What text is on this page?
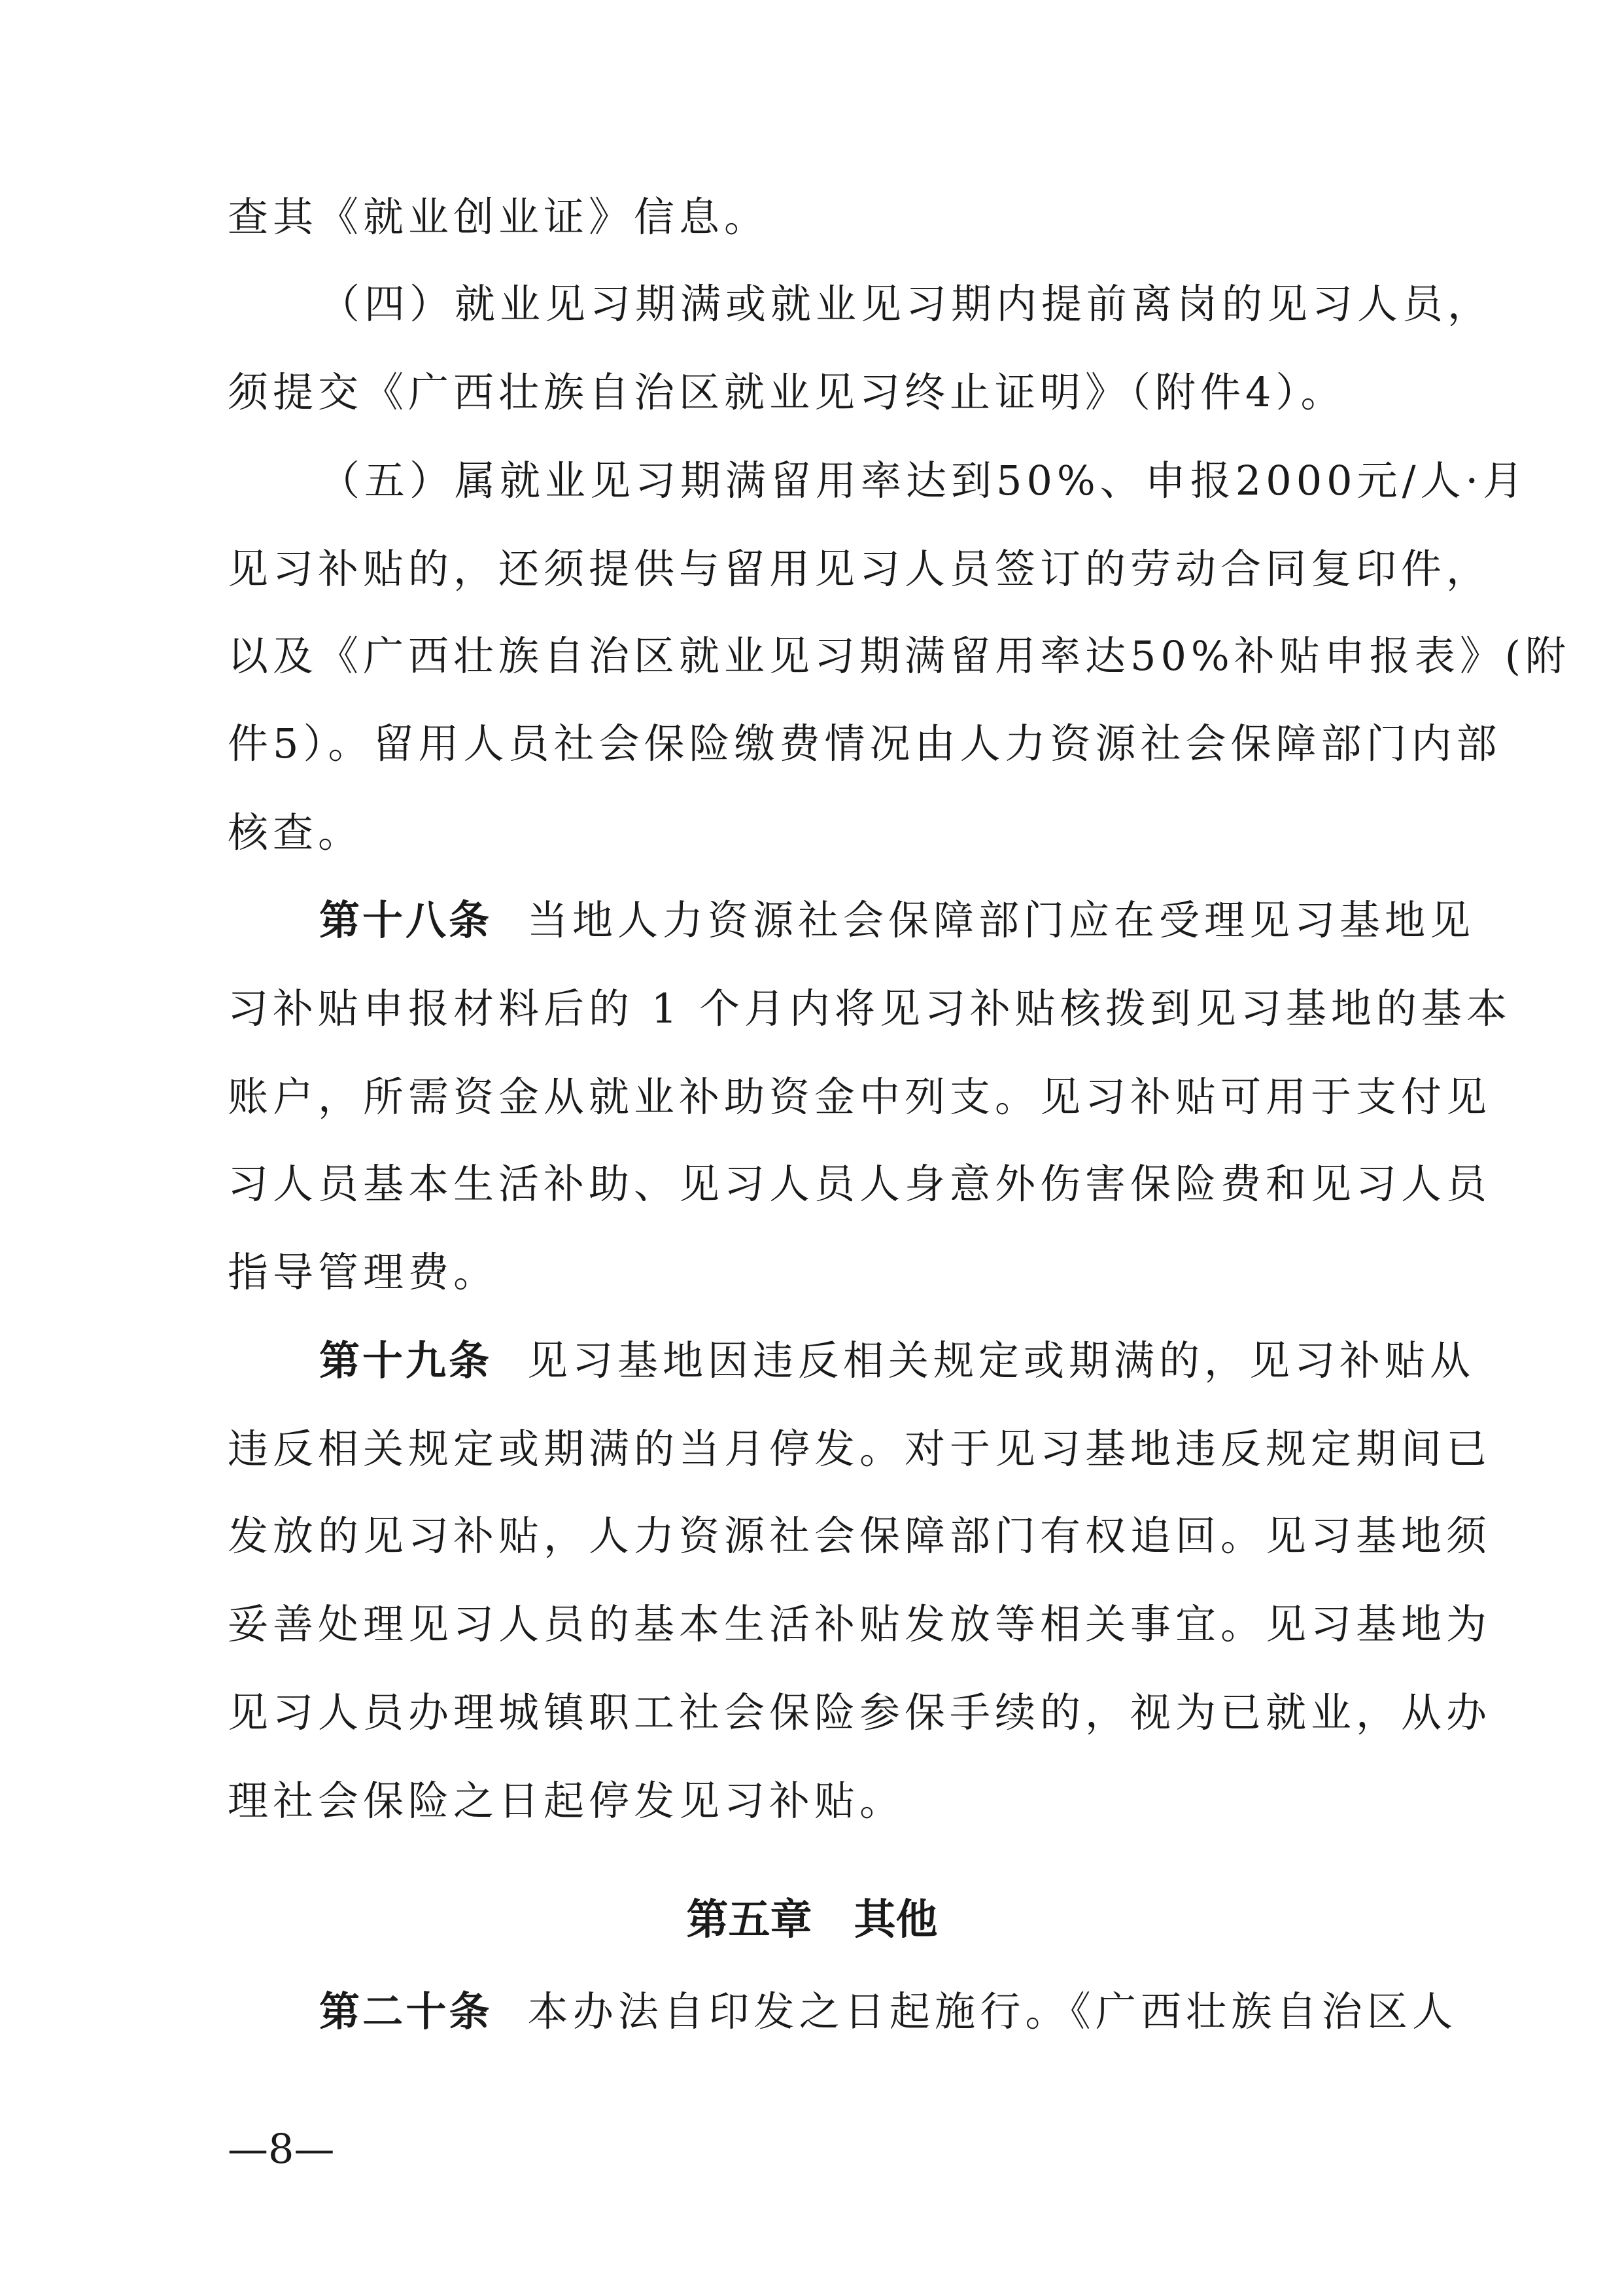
查其《就业创业证》信息。
（四）就业见习期满或就业见习期内提前离岗的见习人员，
须提交《广西壮族自治区就业见习终止证明》（附件4）。
（五）属就业见习期满留用率达到50%、申报2000元/人·月
见习补贴的，还须提供与留用见习人员签订的劳动合同复印件，
以及《广西壮族自治区就业见习期满留用率达50%补贴申报表》(附
件5）。留用人员社会保险缴费情况由人力资源社会保障部门内部
核查。
第十八条 当地人力资源社会保障部门应在受理见习基地见
习补贴申报材料后的 1 个月内将见习补贴核拨到见习基地的基本
账户，所需资金从就业补助资金中列支。见习补贴可用于支付见
习人员基本生活补助、见习人员人身意外伤害保险费和见习人员
指导管理费。
第十九条 见习基地因违反相关规定或期满的，见习补贴从
违反相关规定或期满的当月停发。对于见习基地违反规定期间已
发放的见习补贴，人力资源社会保障部门有权追回。见习基地须
妥善处理见习人员的基本生活补贴发放等相关事宜。见习基地为
见习人员办理城镇职工社会保险参保手续的，视为已就业，从办
理社会保险之日起停发见习补贴。
第五章 其他
第二十条 本办法自印发之日起施行。《广西壮族自治区人
—8—
